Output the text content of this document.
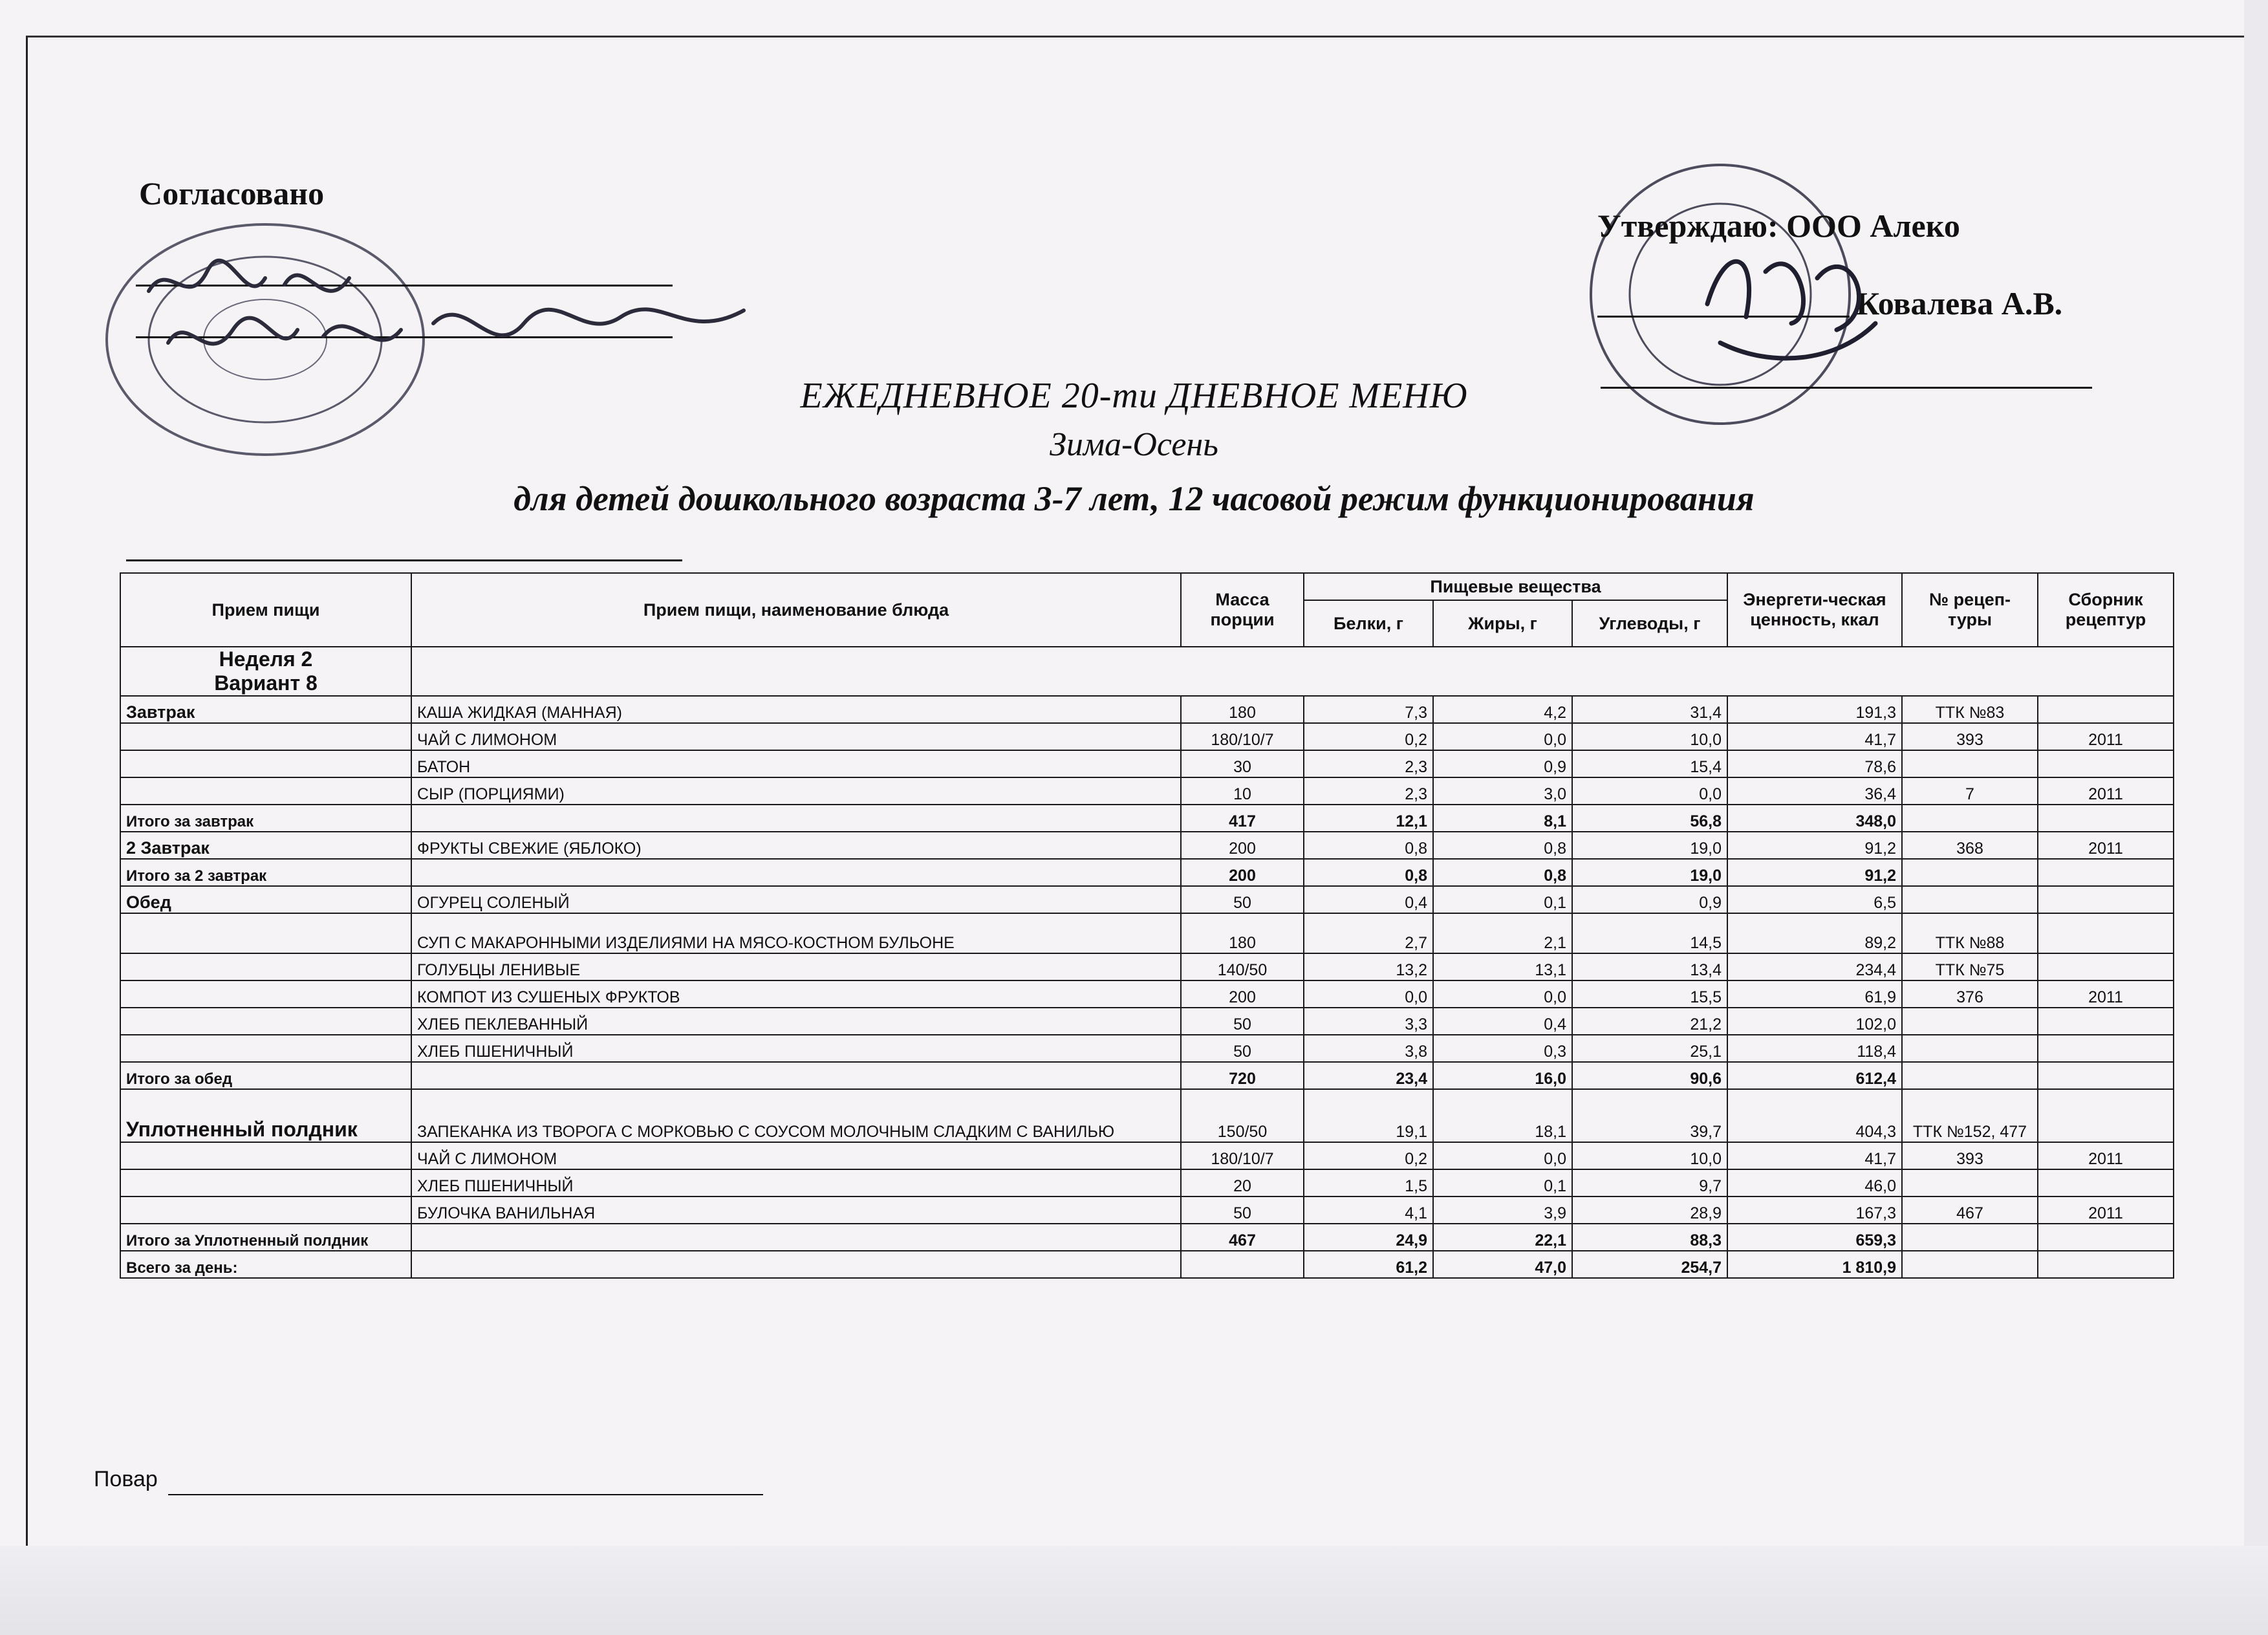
Согласовано
Утверждаю: ООО Алеко
Ковалева А.В.
ЕЖЕДНЕВНОЕ 20-ти ДНЕВНОЕ МЕНЮ
Зима-Осень
для детей дошкольного возраста 3-7 лет, 12 часовой режим функционирования
Прием пищи	Прием пищи, наименование блюда	Масса порции	Пищевые вещества			Энергети-ческая ценность, ккал	№ рецеп-туры	Сборник рецептур
			Белки, г	Жиры, г	Углеводы, г			

Неделя 2
Вариант 8								

Завтрак	КАША ЖИДКАЯ (МАННАЯ)	180	7,3	4,2	31,4	191,3	ТТК №83	
	ЧАЙ С ЛИМОНОМ	180/10/7	0,2	0,0	10,0	41,7	393	2011
	БАТОН	30	2,3	0,9	15,4	78,6		
	СЫР (ПОРЦИЯМИ)	10	2,3	3,0	0,0	36,4	7	2011
Итого за завтрак		417	12,1	8,1	56,8	348,0		
2 Завтрак	ФРУКТЫ СВЕЖИЕ (ЯБЛОКО)	200	0,8	0,8	19,0	91,2	368	2011
Итого за 2 завтрак		200	0,8	0,8	19,0	91,2		
Обед	ОГУРЕЦ СОЛЕНЫЙ	50	0,4	0,1	0,9	6,5		
	СУП С МАКАРОННЫМИ ИЗДЕЛИЯМИ НА МЯСО-КОСТНОМ БУЛЬОНЕ	180	2,7	2,1	14,5	89,2	ТТК №88	
	ГОЛУБЦЫ ЛЕНИВЫЕ	140/50	13,2	13,1	13,4	234,4	ТТК №75	
	КОМПОТ ИЗ СУШЕНЫХ ФРУКТОВ	200	0,0	0,0	15,5	61,9	376	2011
	ХЛЕБ ПЕКЛЕВАННЫЙ	50	3,3	0,4	21,2	102,0		
	ХЛЕБ ПШЕНИЧНЫЙ	50	3,8	0,3	25,1	118,4		
Итого за обед		720	23,4	16,0	90,6	612,4		
Уплотненный полдник	ЗАПЕКАНКА ИЗ ТВОРОГА С МОРКОВЬЮ С СОУСОМ МОЛОЧНЫМ СЛАДКИМ С ВАНИЛЬЮ	150/50	19,1	18,1	39,7	404,3	ТТК №152, 477	
	ЧАЙ С ЛИМОНОМ	180/10/7	0,2	0,0	10,0	41,7	393	2011
	ХЛЕБ ПШЕНИЧНЫЙ	20	1,5	0,1	9,7	46,0		
	БУЛОЧКА ВАНИЛЬНАЯ	50	4,1	3,9	28,9	167,3	467	2011
Итого за Уплотненный полдник		467	24,9	22,1	88,3	659,3		
Всего за день:			61,2	47,0	254,7	1 810,9		
Повар
